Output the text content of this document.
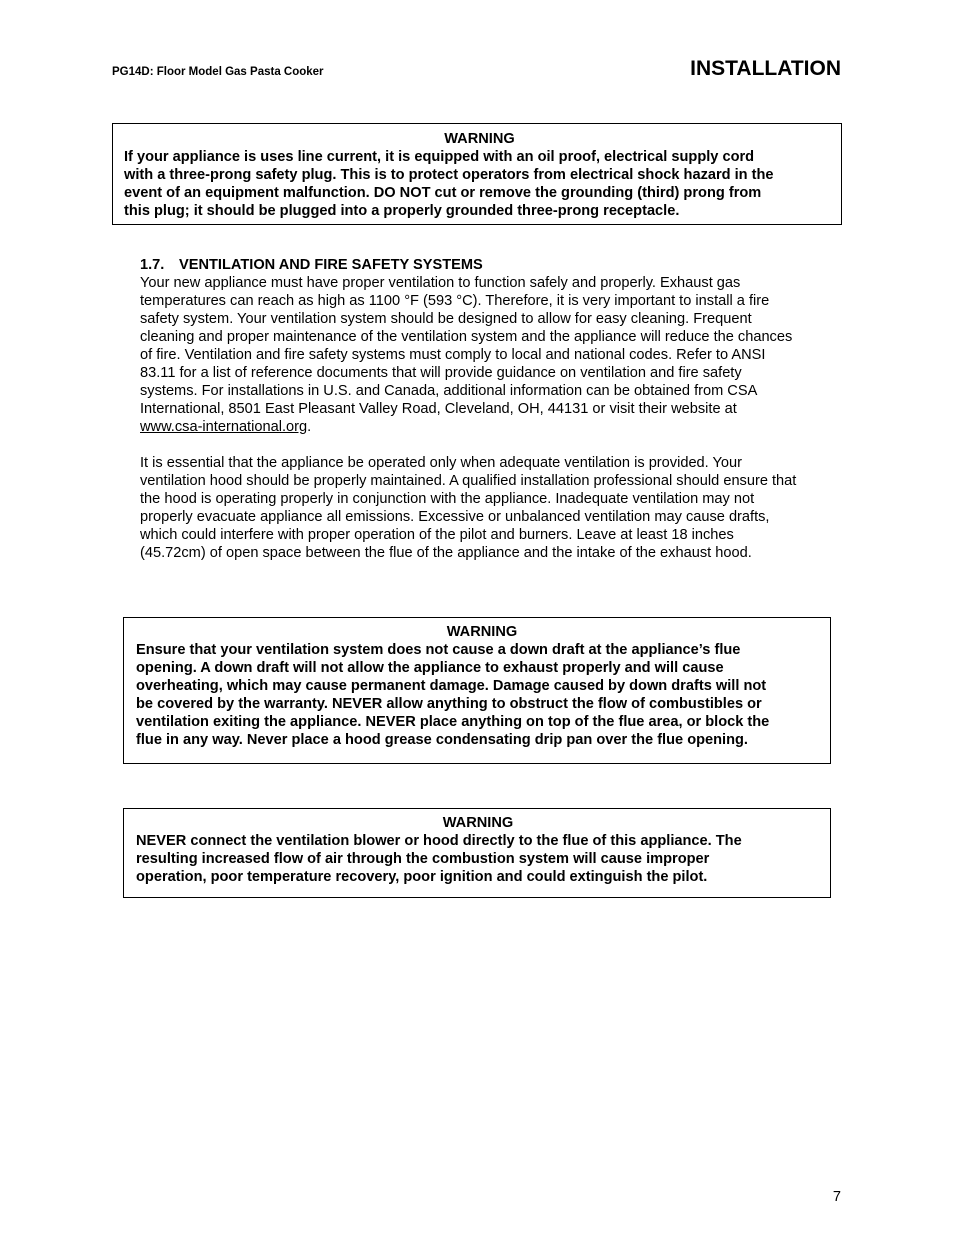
PG14D: Floor Model Gas Pasta Cooker	INSTALLATION
WARNING
If your appliance is uses line current, it is equipped with an oil proof, electrical supply cord
with a three-prong safety plug. This is to protect operators from electrical shock hazard in the
event of an equipment malfunction. DO NOT cut or remove the grounding (third) prong from
this plug; it should be plugged into a properly grounded three-prong receptacle.
1.7. VENTILATION AND FIRE SAFETY SYSTEMS
Your new appliance must have proper ventilation to function safely and properly. Exhaust gas
temperatures can reach as high as 1100 °F (593 °C). Therefore, it is very important to install a fire
safety system. Your ventilation system should be designed to allow for easy cleaning. Frequent
cleaning and proper maintenance of the ventilation system and the appliance will reduce the chances
of fire. Ventilation and fire safety systems must comply to local and national codes. Refer to ANSI
83.11 for a list of reference documents that will provide guidance on ventilation and fire safety
systems. For installations in U.S. and Canada, additional information can be obtained from CSA
International, 8501 East Pleasant Valley Road, Cleveland, OH, 44131 or visit their website at
www.csa-international.org.
It is essential that the appliance be operated only when adequate ventilation is provided. Your
ventilation hood should be properly maintained. A qualified installation professional should ensure that
the hood is operating properly in conjunction with the appliance. Inadequate ventilation may not
properly evacuate appliance all emissions. Excessive or unbalanced ventilation may cause drafts,
which could interfere with proper operation of the pilot and burners. Leave at least 18 inches
(45.72cm) of open space between the flue of the appliance and the intake of the exhaust hood.
WARNING
Ensure that your ventilation system does not cause a down draft at the appliance’s flue
opening. A down draft will not allow the appliance to exhaust properly and will cause
overheating, which may cause permanent damage. Damage caused by down drafts will not
be covered by the warranty. NEVER allow anything to obstruct the flow of combustibles or
ventilation exiting the appliance. NEVER place anything on top of the flue area, or block the
flue in any way. Never place a hood grease condensating drip pan over the flue opening.
WARNING
NEVER connect the ventilation blower or hood directly to the flue of this appliance. The
resulting increased flow of air through the combustion system will cause improper
operation, poor temperature recovery, poor ignition and could extinguish the pilot.
7
